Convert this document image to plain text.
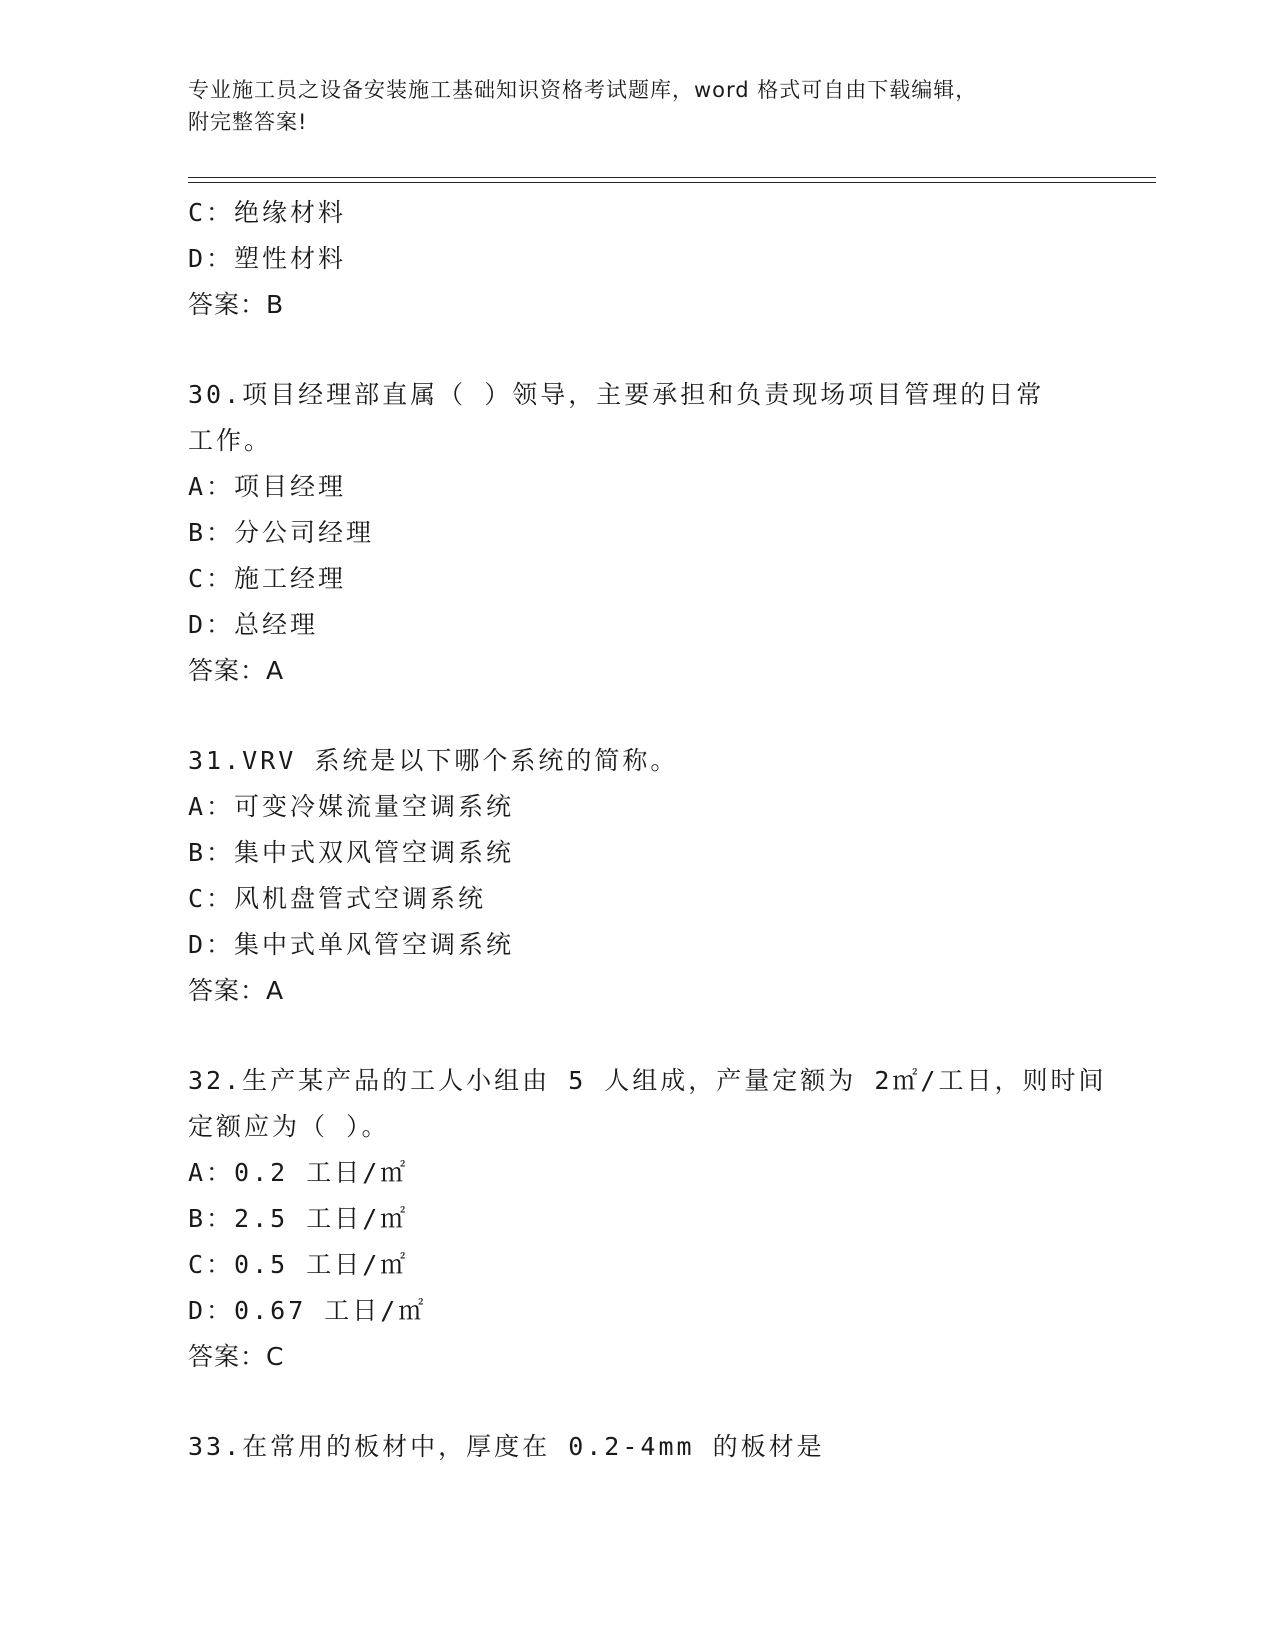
专业施工员之设备安装施工基础知识资格考试题库，word 格式可自由下载编辑，
附完整答案!
C：绝缘材料
D：塑性材料
答案：B
30.项目经理部直属（ ）领导，主要承担和负责现场项目管理的日常
工作。
A：项目经理
B：分公司经理
C：施工经理
D：总经理
答案：A
31.VRV 系统是以下哪个系统的简称。
A：可变冷媒流量空调系统
B：集中式双风管空调系统
C：风机盘管式空调系统
D：集中式单风管空调系统
答案：A
32.生产某产品的工人小组由 5 人组成，产量定额为 2㎡/工日，则时间
定额应为（ ）。
A：0.2 工日/㎡
B：2.5 工日/㎡
C：0.5 工日/㎡
D：0.67 工日/㎡
答案：C
33.在常用的板材中，厚度在 0.2-4mm 的板材是
